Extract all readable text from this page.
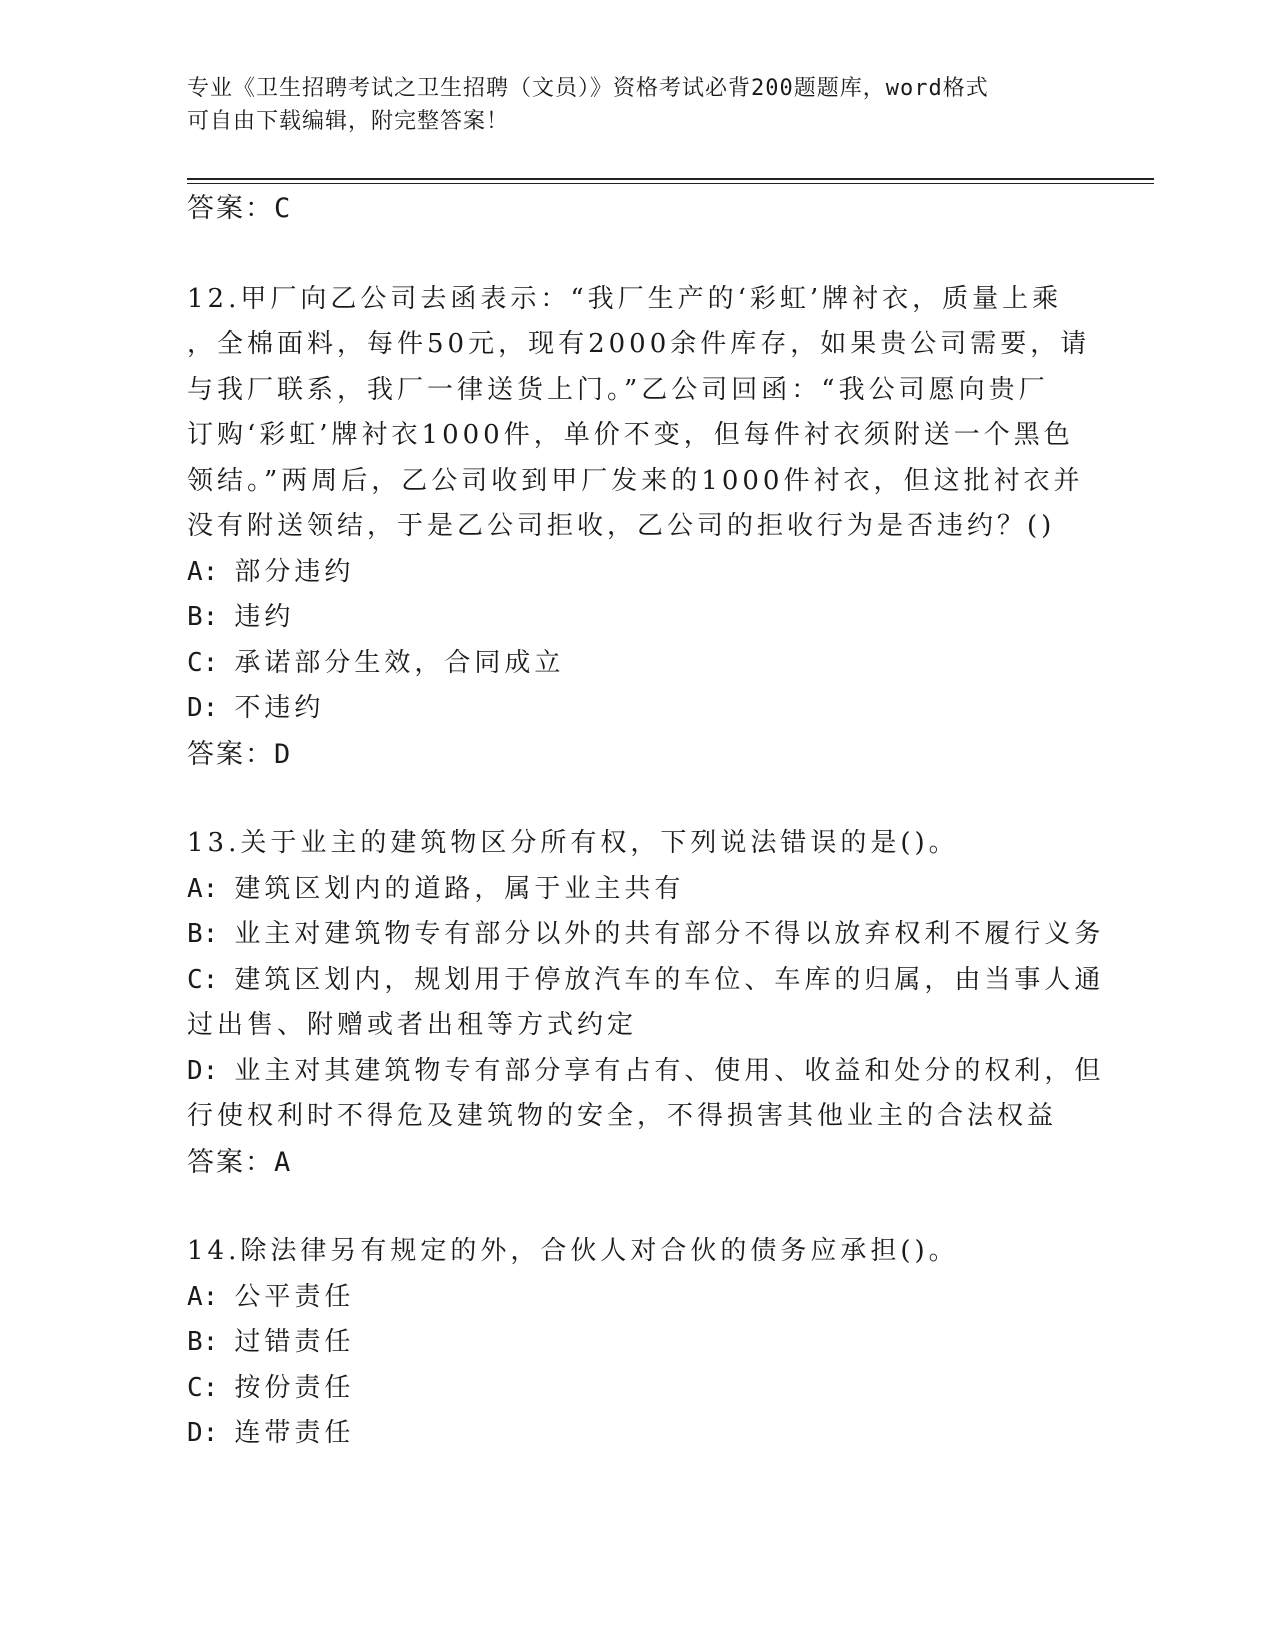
专业《卫生招聘考试之卫生招聘（文员）》资格考试必背200题题库，word格式
可自由下载编辑，附完整答案！
答案：C
12.甲厂向乙公司去函表示：“我厂生产的‘彩虹’牌衬衣，质量上乘
，全棉面料，每件50元，现有2000余件库存，如果贵公司需要，请
与我厂联系，我厂一律送货上门。”乙公司回函：“我公司愿向贵厂
订购‘彩虹’牌衬衣1000件，单价不变，但每件衬衣须附送一个黑色
领结。”两周后，乙公司收到甲厂发来的1000件衬衣，但这批衬衣并
没有附送领结，于是乙公司拒收，乙公司的拒收行为是否违约？()
A: 部分违约
B: 违约
C: 承诺部分生效，合同成立
D: 不违约
答案：D
13.关于业主的建筑物区分所有权，下列说法错误的是()。
A: 建筑区划内的道路，属于业主共有
B: 业主对建筑物专有部分以外的共有部分不得以放弃权利不履行义务
C: 建筑区划内，规划用于停放汽车的车位、车库的归属，由当事人通
过出售、附赠或者出租等方式约定
D: 业主对其建筑物专有部分享有占有、使用、收益和处分的权利，但
行使权利时不得危及建筑物的安全，不得损害其他业主的合法权益
答案：A
14.除法律另有规定的外，合伙人对合伙的债务应承担()。
A: 公平责任
B: 过错责任
C: 按份责任
D: 连带责任
